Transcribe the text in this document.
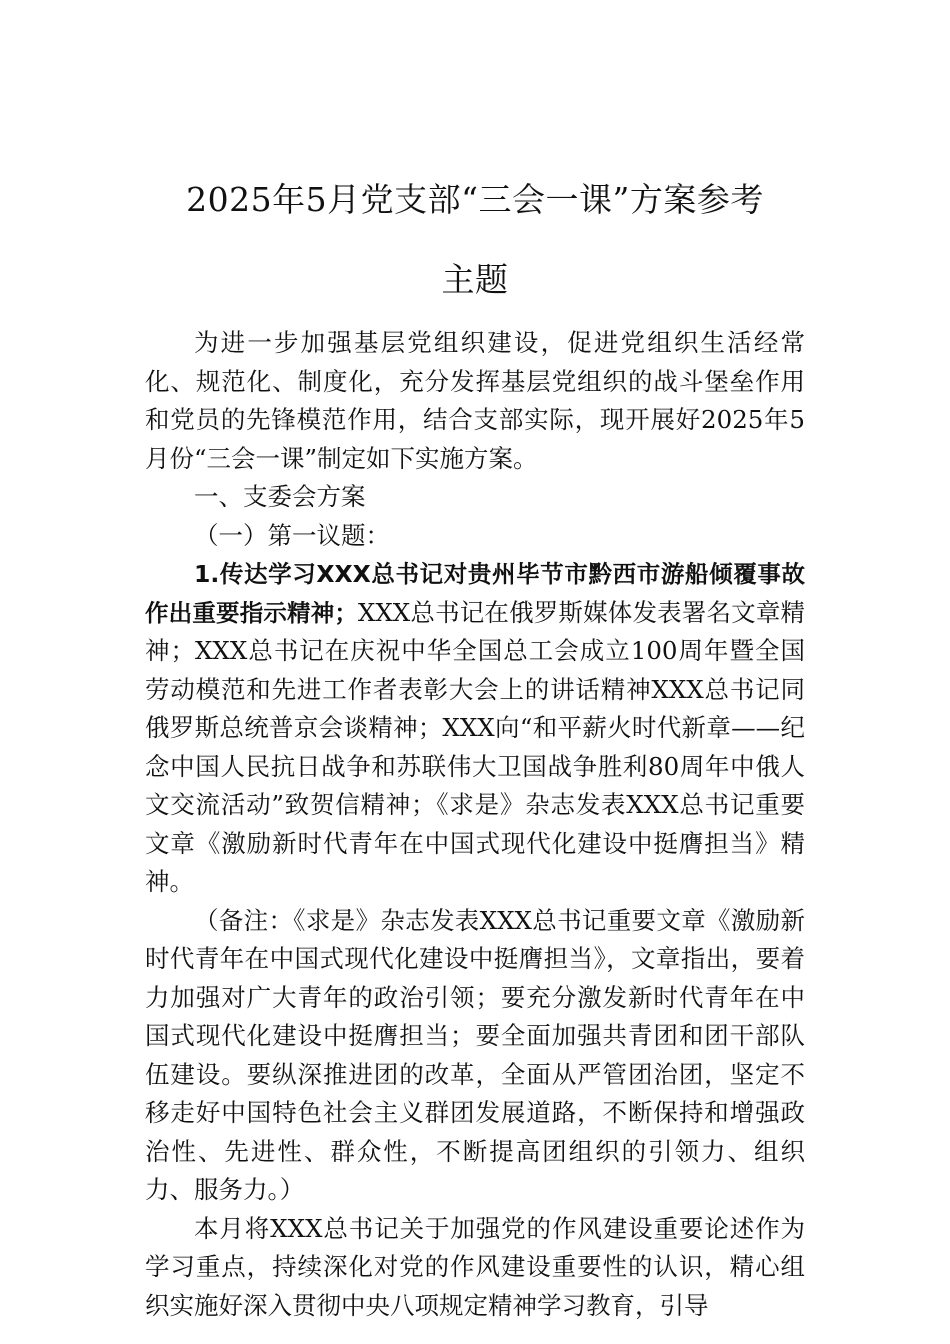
2025年5月党支部“三会一课”方案参考
主题

为进一步加强基层党组织建设，促进党组织生活经常化、规范化、制度化，充分发挥基层党组织的战斗堡垒作用和党员的先锋模范作用，结合支部实际，现开展好2025年5月份“三会一课”制定如下实施方案。

一、支委会方案

（一）第一议题：

1.传达学习XXX总书记对贵州毕节市黔西市游船倾覆事故作出重要指示精神；XXX总书记在俄罗斯媒体发表署名文章精神；XXX总书记在庆祝中华全国总工会成立100周年暨全国劳动模范和先进工作者表彰大会上的讲话精神XXX总书记同俄罗斯总统普京会谈精神；XXX向“和平薪火时代新章——纪念中国人民抗日战争和苏联伟大卫国战争胜利80周年中俄人文交流活动”致贺信精神；《求是》杂志发表XXX总书记重要文章《激励新时代青年在中国式现代化建设中挺膺担当》精神。

（备注：《求是》杂志发表XXX总书记重要文章《激励新时代青年在中国式现代化建设中挺膺担当》，文章指出，要着力加强对广大青年的政治引领；要充分激发新时代青年在中国式现代化建设中挺膺担当；要全面加强共青团和团干部队伍建设。要纵深推进团的改革，全面从严管团治团，坚定不移走好中国特色社会主义群团发展道路，不断保持和增强政治性、先进性、群众性，不断提高团组织的引领力、组织力、服务力。）

本月将XXX总书记关于加强党的作风建设重要论述作为学习重点，持续深化对党的作风建设重要性的认识，精心组织实施好深入贯彻中央八项规定精神学习教育，引导
